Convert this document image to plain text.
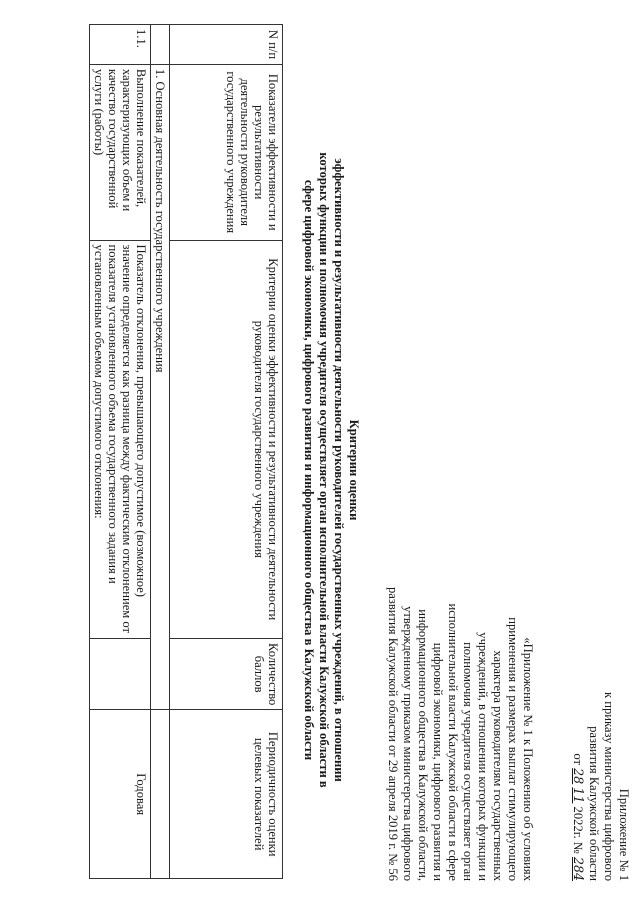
Приложение № 1
к приказу министерства цифрового
развития Калужской области
от 28 11 2022г. № 284
«Приложение № 1 к Положению об условиях применения и размерах выплат стимулирующего характера руководителям государственных учреждений, в отношении которых функции и полномочия учредителя осуществляет орган исполнительной власти Калужской области в сфере цифровой экономики, цифрового развития и информационного общества в Калужской области, утвержденному приказом министерства цифрового развития Калужской области от 29 апреля 2019 г. № 56
Критерии оценки
эффективности и результативности деятельности руководителей государственных учреждений, в отношении которых функции и полномочия учредителя осуществляет орган исполнительной власти Калужской области в сфере цифровой экономики, цифрового развития и информационного общества в Калужской области
N п/п	Показатели эффективности и результативности деятельности руководителя государственного учреждения	Критерии оценки эффективности и результативности деятельности руководителя государственного учреждения	Количество баллов	Периодичность оценки целевых показателей
	1. Основная деятельность государственного учреждения			
1.1.	Выполнение показателей, характеризующих объем и качество государственной услуги (работы)	Показатель отклонения, превышающего допустимое (возможное) значение определяется как разница между фактическим отклонением от показателя установленного объема государственного задания и установленным объемом допустимого отклонения:		Годовая
